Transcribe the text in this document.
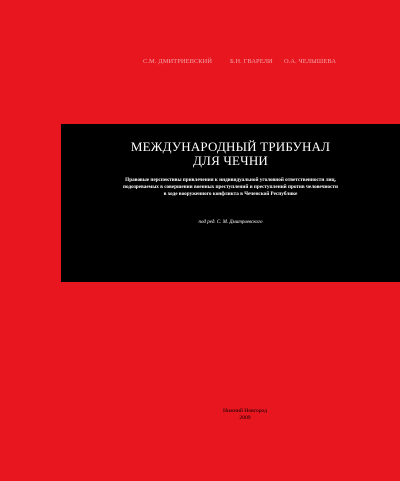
С.М. ДМИТРИЕВСКИЙ	Б.Н. ГВАРЕЛИ О.А. ЧЕЛЫШЕВА
МЕЖДУНАРОДНЫЙ ТРИБУНАЛ
ДЛЯ ЧЕЧНИ
Правовые перспективы привлечения к индивидуальной уголовной ответственности лиц,
подозреваемых в совершении военных преступлений и преступлений против человечности
в ходе вооруженного конфликта в Чеченской Республике
под ред. С. М. Дмитриевского
Нижний Новгород
2009
